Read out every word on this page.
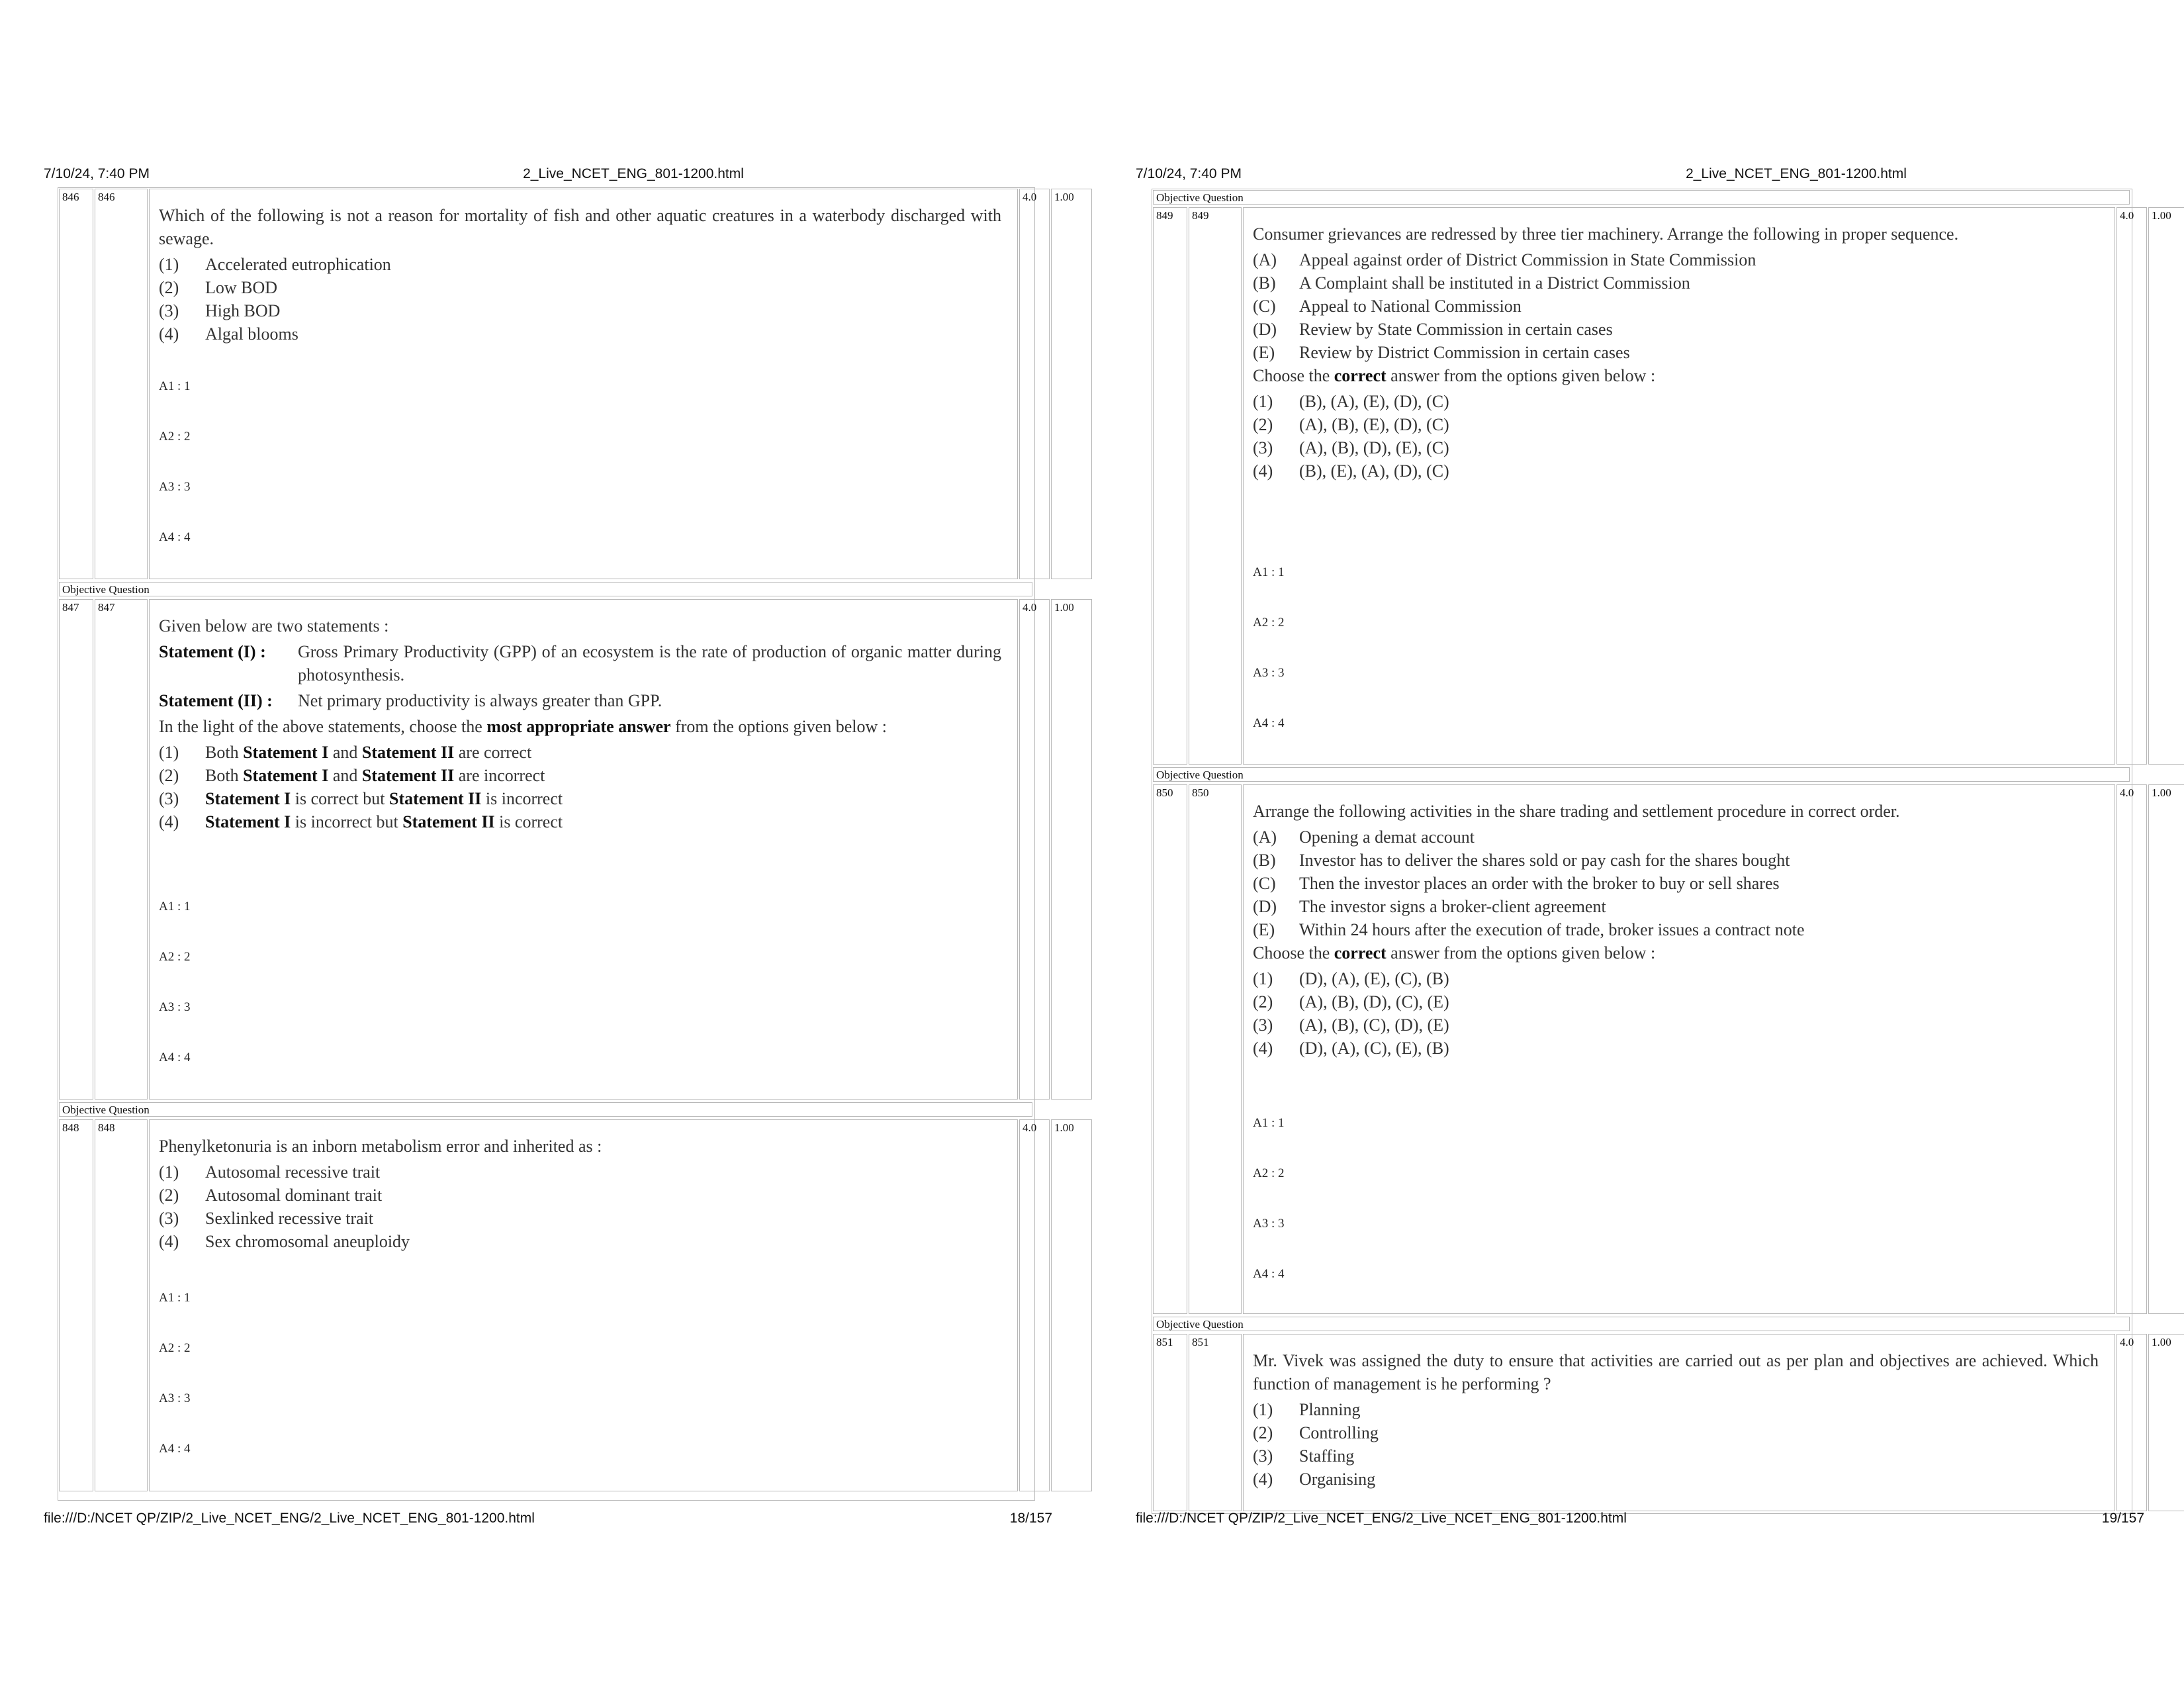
7/10/24, 7:40 PM	2_Live_NCET_ENG_801-1200.html
846	846
Which of the following is not a reason for mortality of fish and other aquatic creatures in a waterbody discharged with sewage.
(1)	Accelerated eutrophication
(2)	Low BOD
(3)	High BOD
(4)	Algal blooms
A1 : 1
A2 : 2
A3 : 3
A4 : 4
4.0	1.00
Objective Question
847	847
Given below are two statements :
Statement (I) :	Gross Primary Productivity (GPP) of an ecosystem is the rate of production of organic matter during photosynthesis.
Statement (II) :	Net primary productivity is always greater than GPP.
In the light of the above statements, choose the most appropriate answer from the options given below :
(1)	Both Statement I and Statement II are correct
(2)	Both Statement I and Statement II are incorrect
(3)	Statement I is correct but Statement II is incorrect
(4)	Statement I is incorrect but Statement II is correct
A1 : 1
A2 : 2
A3 : 3
A4 : 4
4.0	1.00
Objective Question
848	848
Phenylketonuria is an inborn metabolism error and inherited as :
(1)	Autosomal recessive trait
(2)	Autosomal dominant trait
(3)	Sexlinked recessive trait
(4)	Sex chromosomal aneuploidy
A1 : 1
A2 : 2
A3 : 3
A4 : 4
4.0	1.00
file:///D:/NCET QP/ZIP/2_Live_NCET_ENG/2_Live_NCET_ENG_801-1200.html	18/157
7/10/24, 7:40 PM	2_Live_NCET_ENG_801-1200.html
Objective Question
849	849
Consumer grievances are redressed by three tier machinery. Arrange the following in proper sequence.
(A)	Appeal against order of District Commission in State Commission
(B)	A Complaint shall be instituted in a District Commission
(C)	Appeal to National Commission
(D)	Review by State Commission in certain cases
(E)	Review by District Commission in certain cases
Choose the correct answer from the options given below :
(1)	(B), (A), (E), (D), (C)
(2)	(A), (B), (E), (D), (C)
(3)	(A), (B), (D), (E), (C)
(4)	(B), (E), (A), (D), (C)
A1 : 1
A2 : 2
A3 : 3
A4 : 4
4.0	1.00
Objective Question
850	850
Arrange the following activities in the share trading and settlement procedure in correct order.
(A)	Opening a demat account
(B)	Investor has to deliver the shares sold or pay cash for the shares bought
(C)	Then the investor places an order with the broker to buy or sell shares
(D)	The investor signs a broker-client agreement
(E)	Within 24 hours after the execution of trade, broker issues a contract note
Choose the correct answer from the options given below :
(1)	(D), (A), (E), (C), (B)
(2)	(A), (B), (D), (C), (E)
(3)	(A), (B), (C), (D), (E)
(4)	(D), (A), (C), (E), (B)
A1 : 1
A2 : 2
A3 : 3
A4 : 4
4.0	1.00
Objective Question
851	851
Mr. Vivek was assigned the duty to ensure that activities are carried out as per plan and objectives are achieved. Which function of management is he performing ?
(1)	Planning
(2)	Controlling
(3)	Staffing
(4)	Organising
4.0	1.00
file:///D:/NCET QP/ZIP/2_Live_NCET_ENG/2_Live_NCET_ENG_801-1200.html	19/157
